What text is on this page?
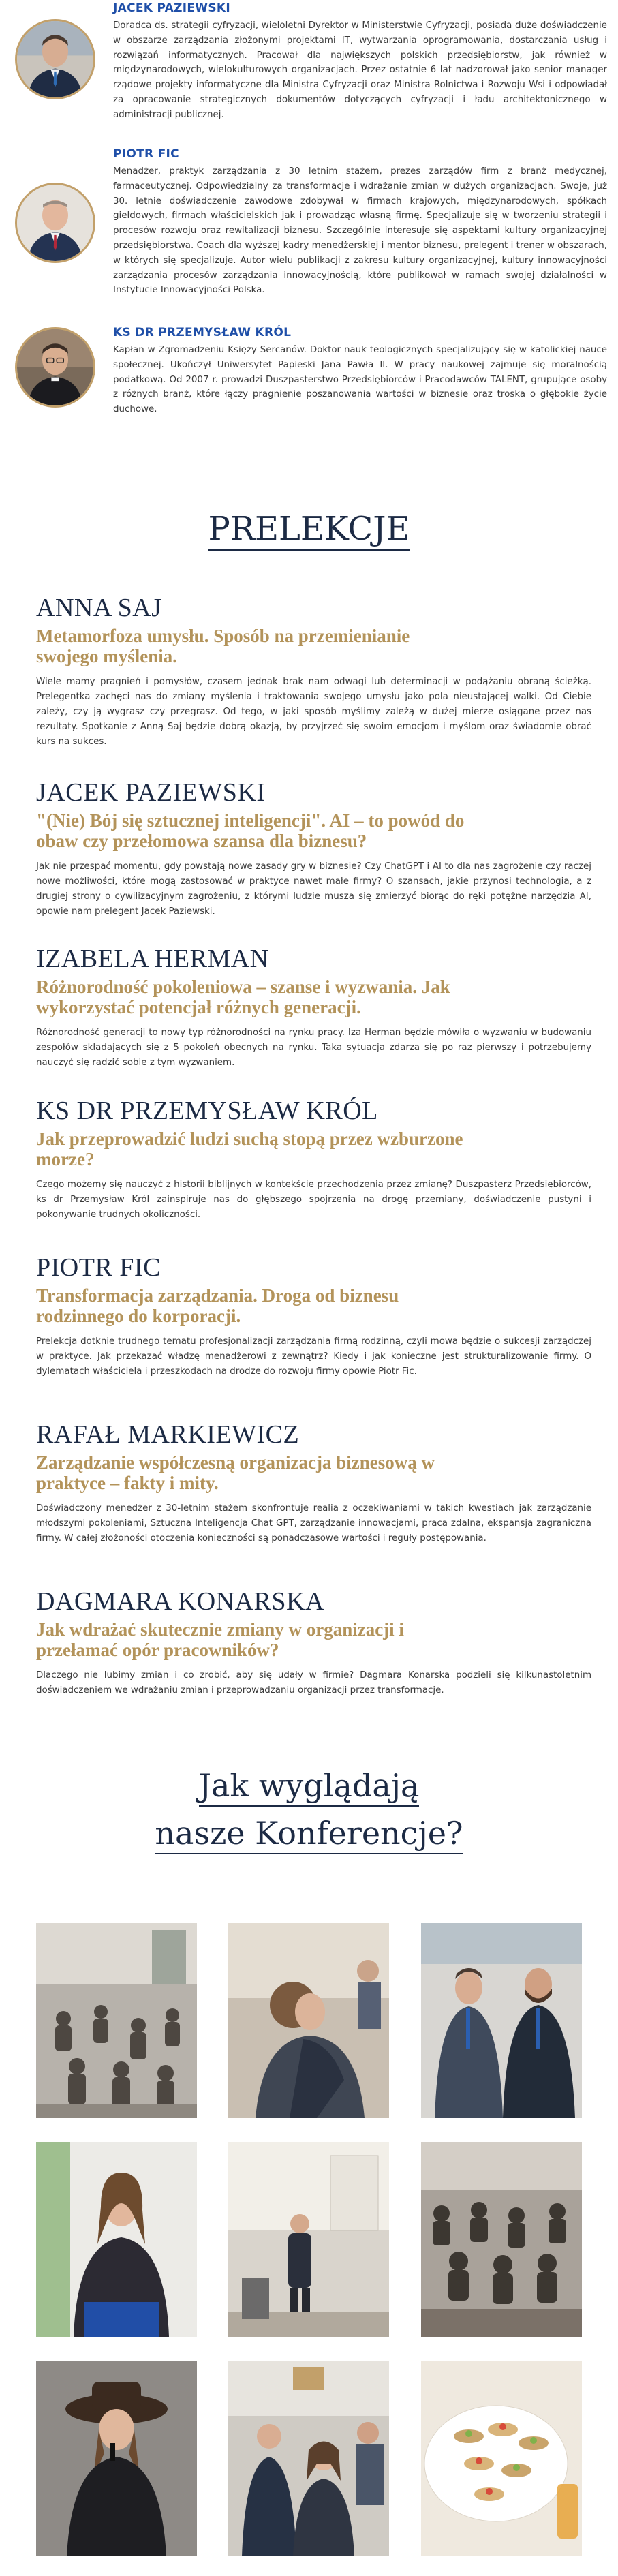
JACEK PAZIEWSKI
Doradca ds. strategii cyfryzacji, wieloletni Dyrektor w Ministerstwie Cyfryzacji, posiada duże doświadczenie w obszarze zarządzania złożonymi projektami IT, wytwarzania oprogramowania, dostarczania usług i rozwiązań informatycznych. Pracował dla największych polskich przedsiębiorstw, jak również w międzynarodowych, wielokulturowych organizacjach. Przez ostatnie 6 lat nadzorował jako senior manager rządowe projekty informatyczne dla Ministra Cyfryzacji oraz Ministra Rolnictwa i Rozwoju Wsi i odpowiadał za opracowanie strategicznych dokumentów dotyczących cyfryzacji i ładu architektonicznego w administracji publicznej.
PIOTR FIC
Menadżer, praktyk zarządzania z 30 letnim stażem, prezes zarządów firm z branż medycznej, farmaceutycznej. Odpowiedzialny za transformacje i wdrażanie zmian w dużych organizacjach. Swoje, już 30. letnie doświadczenie zawodowe zdobywał w firmach krajowych, międzynarodowych, spółkach giełdowych, firmach właścicielskich jak i prowadząc własną firmę. Specjalizuje się w tworzeniu strategii i procesów rozwoju oraz rewitalizacji biznesu. Szczególnie interesuje się aspektami kultury organizacyjnej przedsiębiorstwa. Coach dla wyższej kadry menedżerskiej i mentor biznesu, prelegent i trener w obszarach, w których się specjalizuje. Autor wielu publikacji z zakresu kultury organizacyjnej, kultury innowacyjności zarządzania procesów zarządzania innowacyjnością, które publikował w ramach swojej działalności w Instytucie Innowacyjności Polska.
KS DR PRZEMYSŁAW KRÓL
Kapłan w Zgromadzeniu Księży Sercanów. Doktor nauk teologicznych specjalizujący się w katolickiej nauce społecznej. Ukończył Uniwersytet Papieski Jana Pawła II. W pracy naukowej zajmuje się moralnością podatkową. Od 2007 r. prowadzi Duszpasterstwo Przedsiębiorców i Pracodawców TALENT, grupujące osoby z różnych branż, które łączy pragnienie poszanowania wartości w biznesie oraz troska o głębokie życie duchowe.
PRELEKCJE
ANNA SAJ
Metamorfoza umysłu. Sposób na przemienianie swojego myślenia.
Wiele mamy pragnień i pomysłów, czasem jednak brak nam odwagi lub determinacji w podążaniu obraną ścieżką. Prelegentka zachęci nas do zmiany myślenia i traktowania swojego umysłu jako pola nieustającej walki. Od Ciebie zależy, czy ją wygrasz czy przegrasz. Od tego, w jaki sposób myślimy zależą w dużej mierze osiągane przez nas rezultaty. Spotkanie z Anną Saj będzie dobrą okazją, by przyjrzeć się swoim emocjom i myślom oraz świadomie obrać kurs na sukces.
JACEK PAZIEWSKI
"(Nie) Bój się sztucznej inteligencji". AI – to powód do obaw czy przełomowa szansa dla biznesu?
Jak nie przespać momentu, gdy powstają nowe zasady gry w biznesie? Czy ChatGPT i AI to dla nas zagrożenie czy raczej nowe możliwości, które mogą zastosować w praktyce nawet małe firmy? O szansach, jakie przynosi technologia, a z drugiej strony o cywilizacyjnym zagrożeniu, z którymi ludzie musza się zmierzyć biorąc do ręki potężne narzędzia AI, opowie nam prelegent Jacek Paziewski.
IZABELA HERMAN
Różnorodność pokoleniowa – szanse i wyzwania. Jak wykorzystać potencjał różnych generacji.
Różnorodność generacji to nowy typ różnorodności na rynku pracy. Iza Herman będzie mówiła o wyzwaniu w budowaniu zespołów składających się z 5 pokoleń obecnych na rynku. Taka sytuacja zdarza się po raz pierwszy i potrzebujemy nauczyć się radzić sobie z tym wyzwaniem.
KS DR PRZEMYSŁAW KRÓL
Jak przeprowadzić ludzi suchą stopą przez wzburzone morze?
Czego możemy się nauczyć z historii biblijnych w kontekście przechodzenia przez zmianę? Duszpasterz Przedsiębiorców, ks dr Przemysław Król zainspiruje nas do głębszego spojrzenia na drogę przemiany, doświadczenie pustyni i pokonywanie trudnych okoliczności.
PIOTR FIC
Transformacja zarządzania. Droga od biznesu rodzinnego do korporacji.
Prelekcja dotknie trudnego tematu profesjonalizacji zarządzania firmą rodzinną, czyli mowa będzie o sukcesji zarządczej w praktyce. Jak przekazać władzę menadżerowi z zewnątrz? Kiedy i jak konieczne jest strukturalizowanie firmy. O dylematach właściciela i przeszkodach na drodze do rozwoju firmy opowie Piotr Fic.
RAFAŁ MARKIEWICZ
Zarządzanie współczesną organizacja biznesową w praktyce – fakty i mity.
Doświadczony menedżer z 30-letnim stażem skonfrontuje realia z oczekiwaniami w takich kwestiach jak zarządzanie młodszymi pokoleniami, Sztuczna Inteligencja Chat GPT, zarządzanie innowacjami, praca zdalna, ekspansja zagraniczna firmy. W całej złożoności otoczenia konieczności są ponadczasowe wartości i reguły postępowania.
DAGMARA KONARSKA
Jak wdrażać skutecznie zmiany w organizacji i przełamać opór pracowników?
Dlaczego nie lubimy zmian i co zrobić, aby się udały w firmie? Dagmara Konarska podzieli się kilkunastoletnim doświadczeniem we wdrażaniu zmian i przeprowadzaniu organizacji przez transformacje.
Jak wyglądają
nasze Konferencje?
